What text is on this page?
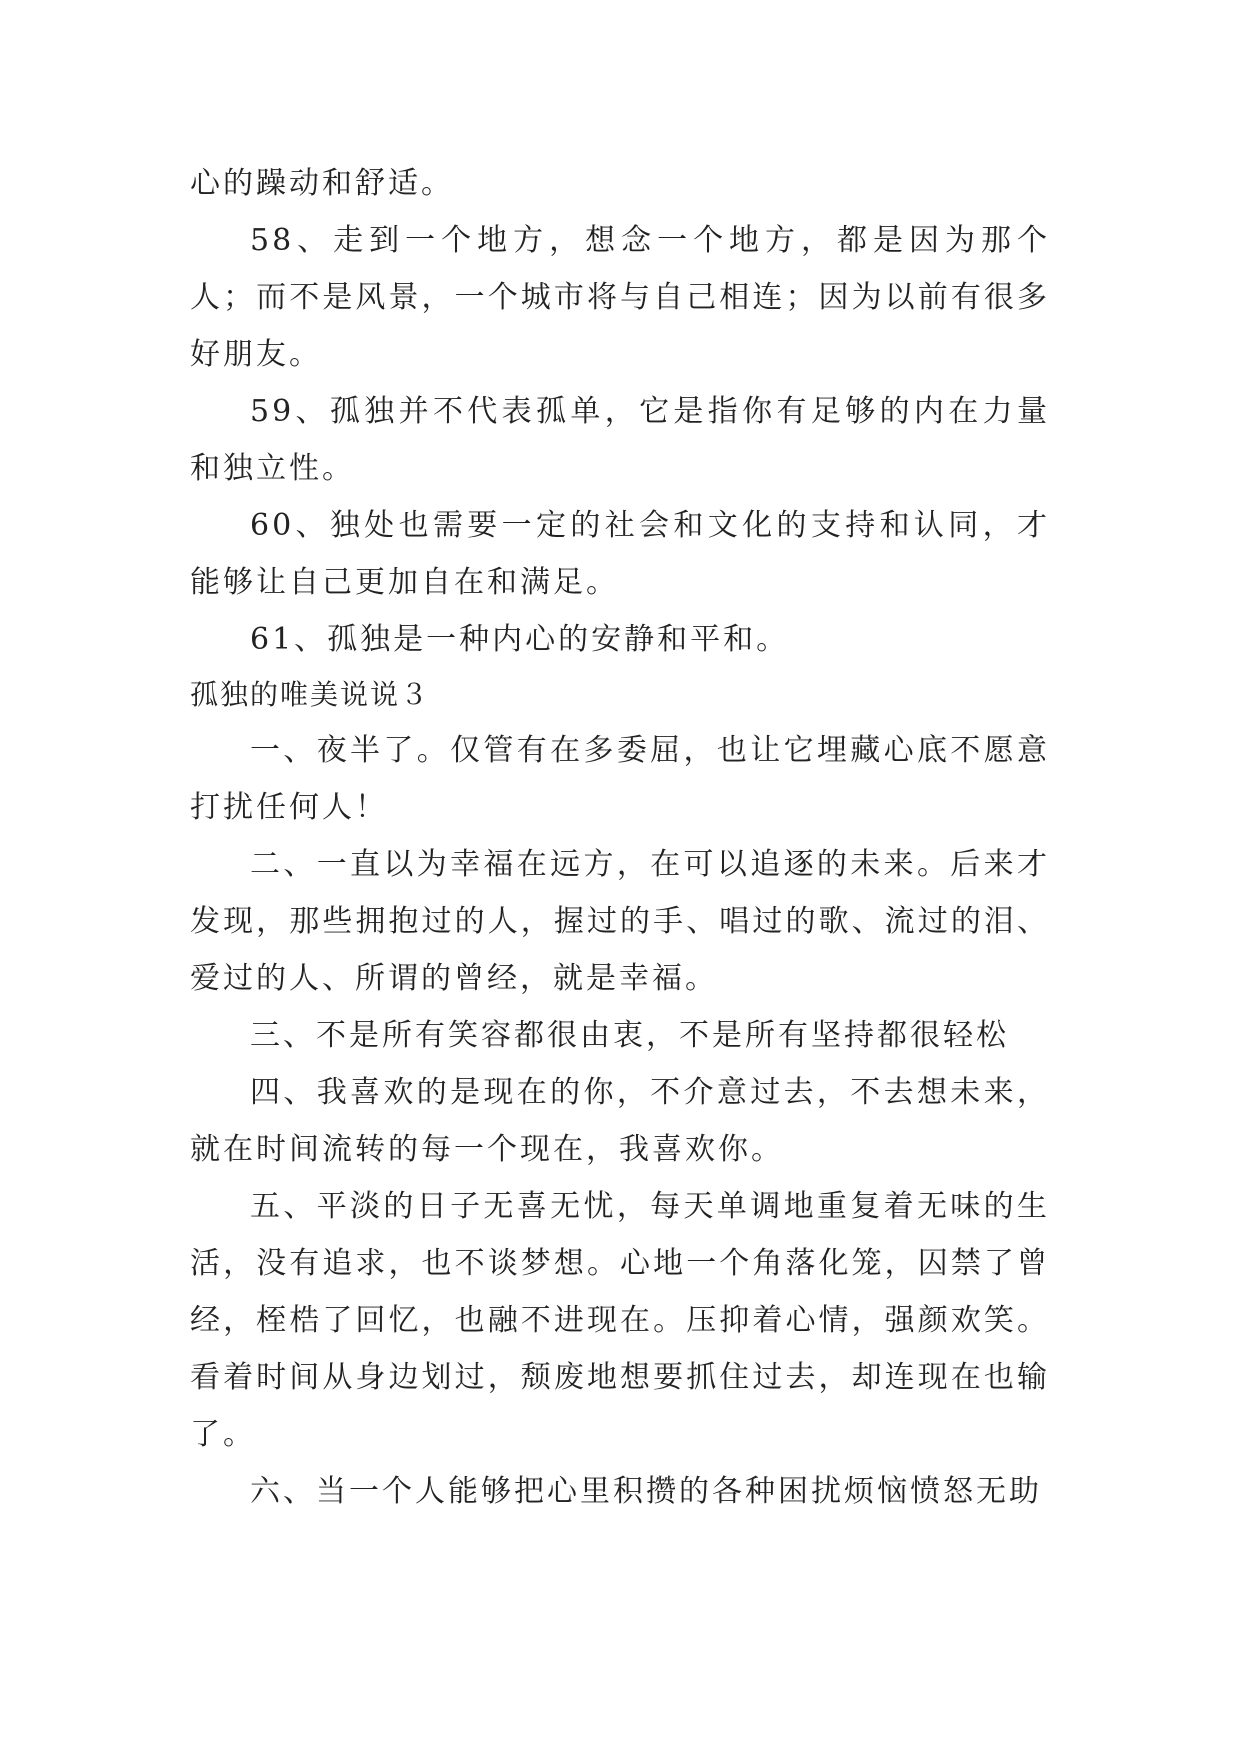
心的躁动和舒适。

58、走到一个地方，想念一个地方，都是因为那个人；而不是风景，一个城市将与自己相连；因为以前有很多好朋友。

59、孤独并不代表孤单，它是指你有足够的内在力量和独立性。

60、独处也需要一定的社会和文化的支持和认同，才能够让自己更加自在和满足。

61、孤独是一种内心的安静和平和。

孤独的唯美说说３

一、夜半了。仅管有在多委屈，也让它埋藏心底不愿意打扰任何人！

二、一直以为幸福在远方，在可以追逐的未来。后来才发现，那些拥抱过的人，握过的手、唱过的歌、流过的泪、爱过的人、所谓的曾经，就是幸福。

三、不是所有笑容都很由衷，不是所有坚持都很轻松

四、我喜欢的是现在的你，不介意过去，不去想未来，就在时间流转的每一个现在，我喜欢你。

五、平淡的日子无喜无忧，每天单调地重复着无味的生活，没有追求，也不谈梦想。心地一个角落化笼，囚禁了曾经，桎梏了回忆，也融不进现在。压抑着心情，强颜欢笑。看着时间从身边划过，颓废地想要抓住过去，却连现在也输了。

六、当一个人能够把心里积攒的各种困扰烦恼愤怒无助
